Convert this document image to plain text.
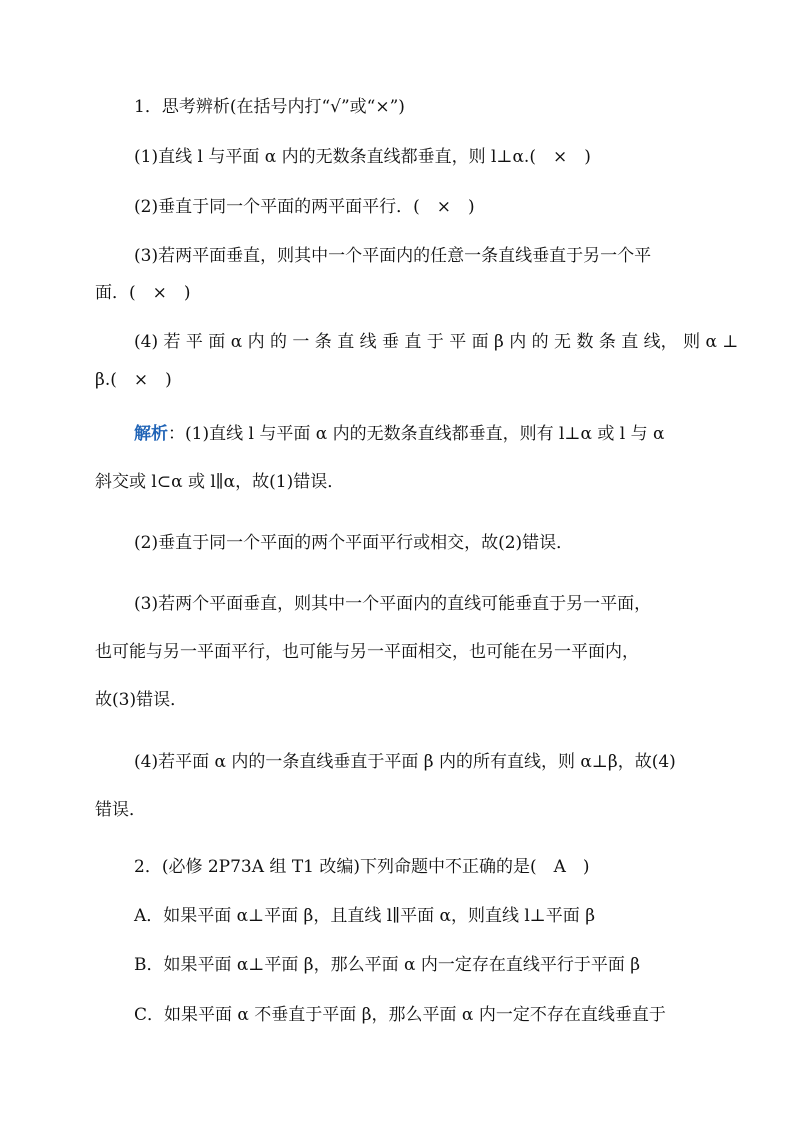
1．思考辨析(在括号内打“√”或“×”)
(1)直线 l 与平面 α 内的无数条直线都垂直，则 l⊥α.(　×　)
(2)垂直于同一个平面的两平面平行．(　×　)
(3)若两平面垂直，则其中一个平面内的任意一条直线垂直于另一个平
面．(　×　)
(4) 若 平 面 α 内 的 一 条 直 线 垂 直 于 平 面 β 内 的 无 数 条 直 线， 则 α ⊥
β.(　×　)
解析：(1)直线 l 与平面 α 内的无数条直线都垂直，则有 l⊥α 或 l 与 α
斜交或 l⊂α 或 l∥α，故(1)错误．
(2)垂直于同一个平面的两个平面平行或相交，故(2)错误．
(3)若两个平面垂直，则其中一个平面内的直线可能垂直于另一平面，
也可能与另一平面平行，也可能与另一平面相交，也可能在另一平面内，
故(3)错误．
(4)若平面 α 内的一条直线垂直于平面 β 内的所有直线，则 α⊥β，故(4)
错误．
2．(必修 2P73A 组 T1 改编)下列命题中不正确的是(　A　)
A．如果平面 α⊥平面 β，且直线 l∥平面 α，则直线 l⊥平面 β
B．如果平面 α⊥平面 β，那么平面 α 内一定存在直线平行于平面 β
C．如果平面 α 不垂直于平面 β，那么平面 α 内一定不存在直线垂直于
